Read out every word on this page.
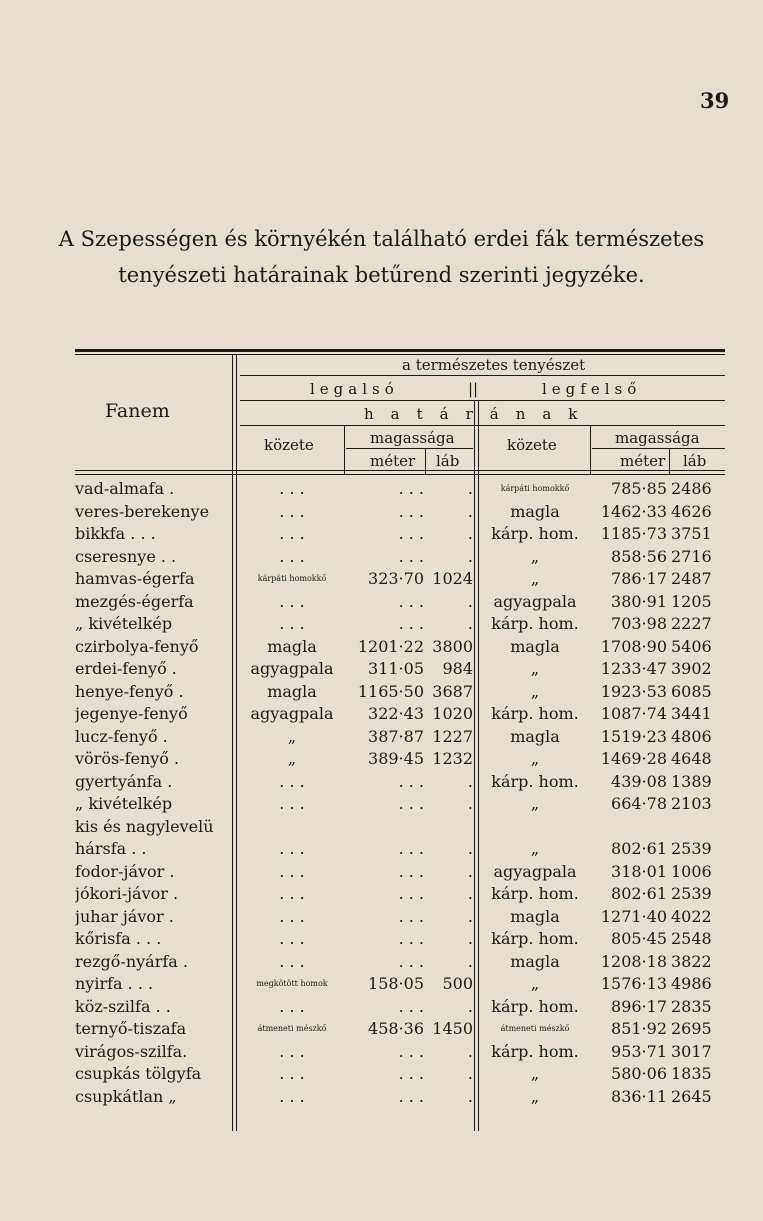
39
A Szepességen és környékén található erdei fák természetes
tenyészeti határainak betűrend szerinti jegyzéke.
Fanem
a természetes tenyészet
legalsó	legfelső
||
határának
közete	magassága
méter láb
közete	magassága
méter láb
vad-almafa .	. . .	. . .	.	kárpáti homokkő	785·85 2486
veres-berekenye	. . .	. . .	.	magla	1462·33 4626
bikkfa . . .	. . .	. . .	.	kárp. hom.	1185·73 3751
cseresnye . .	. . .	. . .	.	„	858·56 2716
hamvas-égerfa	kárpáti homokkő	323·70 1024	„	786·17 2487
mezgés-égerfa	. . .	. . .	.	agyagpala	380·91 1205
„ kivételkép	. . .	. . .	.	kárp. hom.	703·98 2227
czirbolya-fenyő	magla	1201·22 3800	magla	1708·90 5406
erdei-fenyő .	agyagpala	311·05	984	„	1233·47 3902
henye-fenyő .	magla	1165·50 3687	„	1923·53 6085
jegenye-fenyő	agyagpala	322·43 1020	kárp. hom.	1087·74 3441
lucz-fenyő .	„	387·87 1227	magla	1519·23 4806
vörös-fenyő .	„	389·45 1232	„	1469·28 4648
gyertyánfa .	. . .	. . .	.	kárp. hom.	439·08 1389
„ kivételkép	. . .	. . .	.	„	664·78 2103
kis és nagylevelü
hársfa . .	. . .	. . .	.	„	802·61 2539
fodor-jávor .	. . .	. . .	.	agyagpala	318·01 1006
jókori-jávor .	. . .	. . .	.	kárp. hom.	802·61 2539
juhar jávor .	. . .	. . .	.	magla	1271·40 4022
kőrisfa . . .	. . .	. . .	.	kárp. hom.	805·45 2548
rezgő-nyárfa .	. . .	. . .	.	magla	1208·18 3822
nyirfa . . .	megkötött homok	158·05	500	„	1576·13 4986
köz-szilfa . .	. . .	. . .	.	kárp. hom.	896·17 2835
ternyő-tiszafa	átmeneti mészkő	458·36 1450	átmeneti mészkő	851·92 2695
virágos-szilfa.	. . .	. . .	.	kárp. hom.	953·71 3017
csupkás tölgyfa	. . .	. . .	.	„	580·06 1835
csupkátlan „	. . .	. . .	.	„	836·11 2645
